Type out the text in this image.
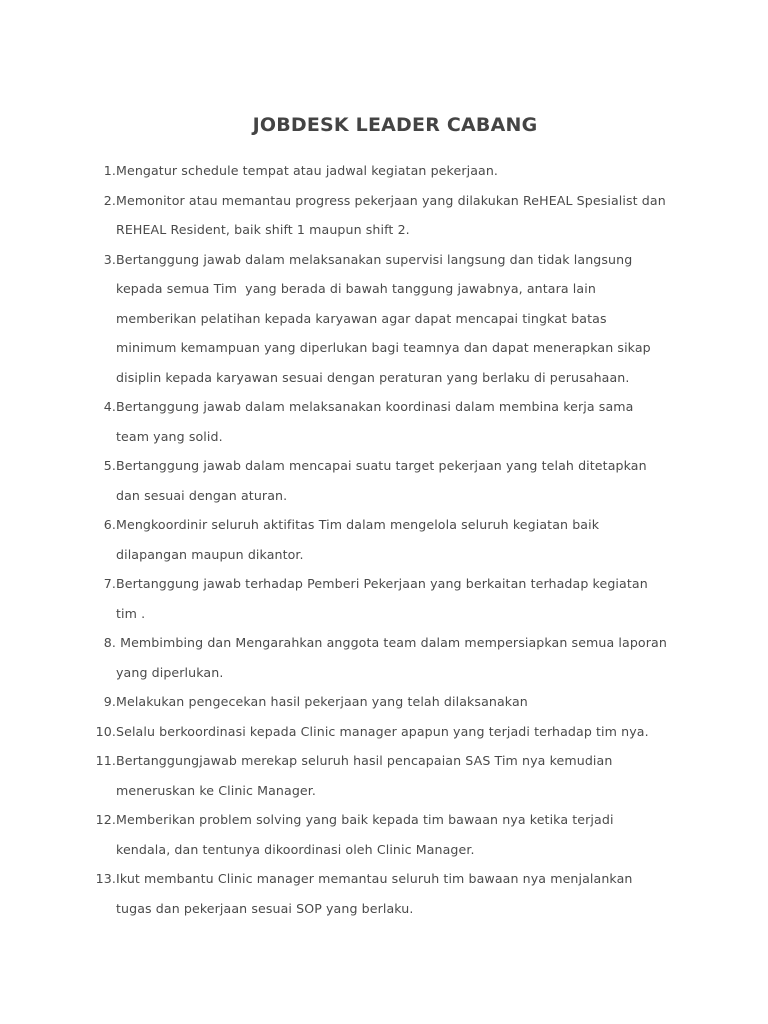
JOBDESK LEADER CABANG
1. Mengatur schedule tempat atau jadwal kegiatan pekerjaan.
2. Memonitor atau memantau progress pekerjaan yang dilakukan ReHEAL Spesialist dan
REHEAL Resident, baik shift 1 maupun shift 2.
3. Bertanggung jawab dalam melaksanakan supervisi langsung dan tidak langsung
kepada semua Tim  yang berada di bawah tanggung jawabnya, antara lain
memberikan pelatihan kepada karyawan agar dapat mencapai tingkat batas
minimum kemampuan yang diperlukan bagi teamnya dan dapat menerapkan sikap
disiplin kepada karyawan sesuai dengan peraturan yang berlaku di perusahaan.
4. Bertanggung jawab dalam melaksanakan koordinasi dalam membina kerja sama
team yang solid.
5. Bertanggung jawab dalam mencapai suatu target pekerjaan yang telah ditetapkan
dan sesuai dengan aturan.
6. Mengkoordinir seluruh aktifitas Tim dalam mengelola seluruh kegiatan baik
dilapangan maupun dikantor.
7. Bertanggung jawab terhadap Pemberi Pekerjaan yang berkaitan terhadap kegiatan
tim .
8. Membimbing dan Mengarahkan anggota team dalam mempersiapkan semua laporan
yang diperlukan.
9. Melakukan pengecekan hasil pekerjaan yang telah dilaksanakan
10. Selalu berkoordinasi kepada Clinic manager apapun yang terjadi terhadap tim nya.
11. Bertanggungjawab merekap seluruh hasil pencapaian SAS Tim nya kemudian
meneruskan ke Clinic Manager.
12. Memberikan problem solving yang baik kepada tim bawaan nya ketika terjadi
kendala, dan tentunya dikoordinasi oleh Clinic Manager.
13. Ikut membantu Clinic manager memantau seluruh tim bawaan nya menjalankan
tugas dan pekerjaan sesuai SOP yang berlaku.
